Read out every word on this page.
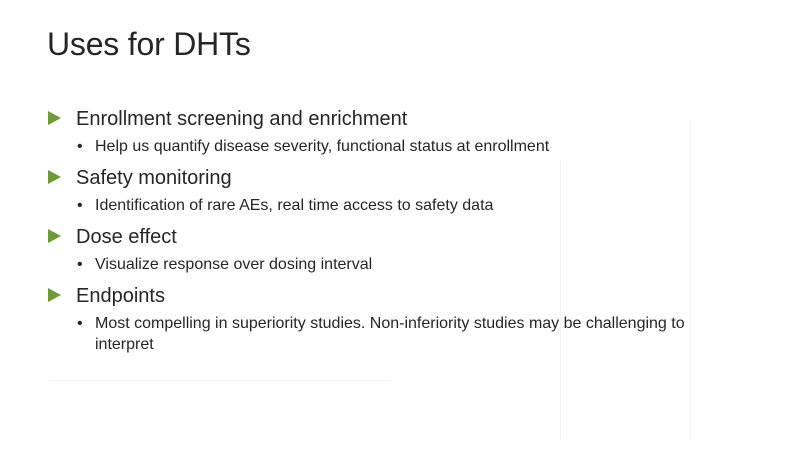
Uses for DHTs
Enrollment screening and enrichment
• Help us quantify disease severity, functional status at enrollment
Safety monitoring
• Identification of rare AEs, real time access to safety data
Dose effect
• Visualize response over dosing interval
Endpoints
• Most compelling in superiority studies. Non-inferiority studies may be challenging to interpret
